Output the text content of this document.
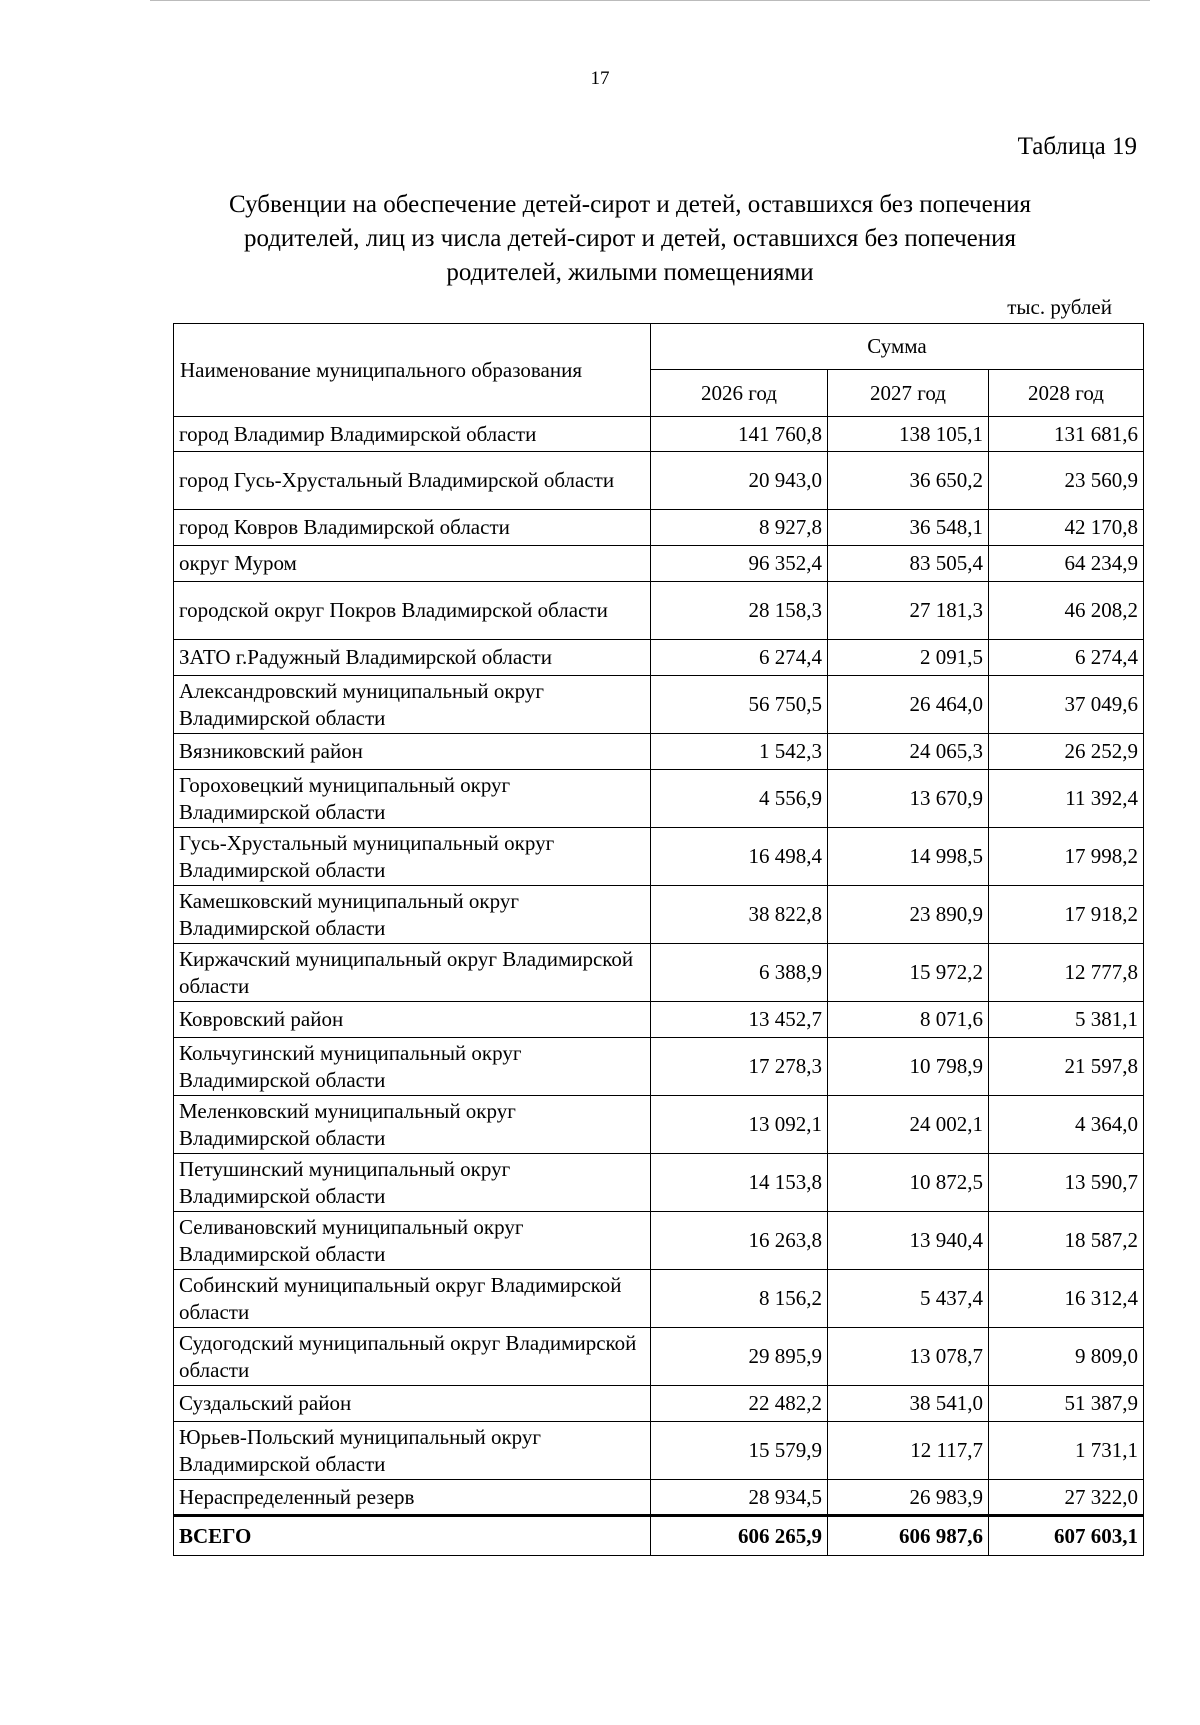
17
Таблица 19
Субвенции на обеспечение детей-сирот и детей, оставшихся без попечения
родителей, лиц из числа детей-сирот и детей, оставшихся без попечения
родителей, жилыми помещениями
тыс. рублей
Наименование муниципального образования	Сумма		
	2026 год	2027 год	2028 год
город Владимир Владимирской области	141 760,8	138 105,1	131 681,6
город Гусь-Хрустальный Владимирской области	20 943,0	36 650,2	23 560,9
город Ковров Владимирской области	8 927,8	36 548,1	42 170,8
округ Муром	96 352,4	83 505,4	64 234,9
городской округ Покров Владимирской области	28 158,3	27 181,3	46 208,2
ЗАТО г.Радужный Владимирской области	6 274,4	2 091,5	6 274,4
Александровский муниципальный округ Владимирской области	56 750,5	26 464,0	37 049,6
Вязниковский район	1 542,3	24 065,3	26 252,9
Гороховецкий муниципальный округ Владимирской области	4 556,9	13 670,9	11 392,4
Гусь-Хрустальный муниципальный округ Владимирской области	16 498,4	14 998,5	17 998,2
Камешковский муниципальный округ Владимирской области	38 822,8	23 890,9	17 918,2
Киржачский муниципальный округ Владимирской области	6 388,9	15 972,2	12 777,8
Ковровский район	13 452,7	8 071,6	5 381,1
Кольчугинский муниципальный округ Владимирской области	17 278,3	10 798,9	21 597,8
Меленковский муниципальный округ Владимирской области	13 092,1	24 002,1	4 364,0
Петушинский муниципальный округ Владимирской области	14 153,8	10 872,5	13 590,7
Селивановский муниципальный округ Владимирской области	16 263,8	13 940,4	18 587,2
Собинский муниципальный округ Владимирской области	8 156,2	5 437,4	16 312,4
Судогодский муниципальный округ Владимирской области	29 895,9	13 078,7	9 809,0
Суздальский район	22 482,2	38 541,0	51 387,9
Юрьев-Польский муниципальный округ Владимирской области	15 579,9	12 117,7	1 731,1
Нераспределенный резерв	28 934,5	26 983,9	27 322,0
ВСЕГО	606 265,9	606 987,6	607 603,1
